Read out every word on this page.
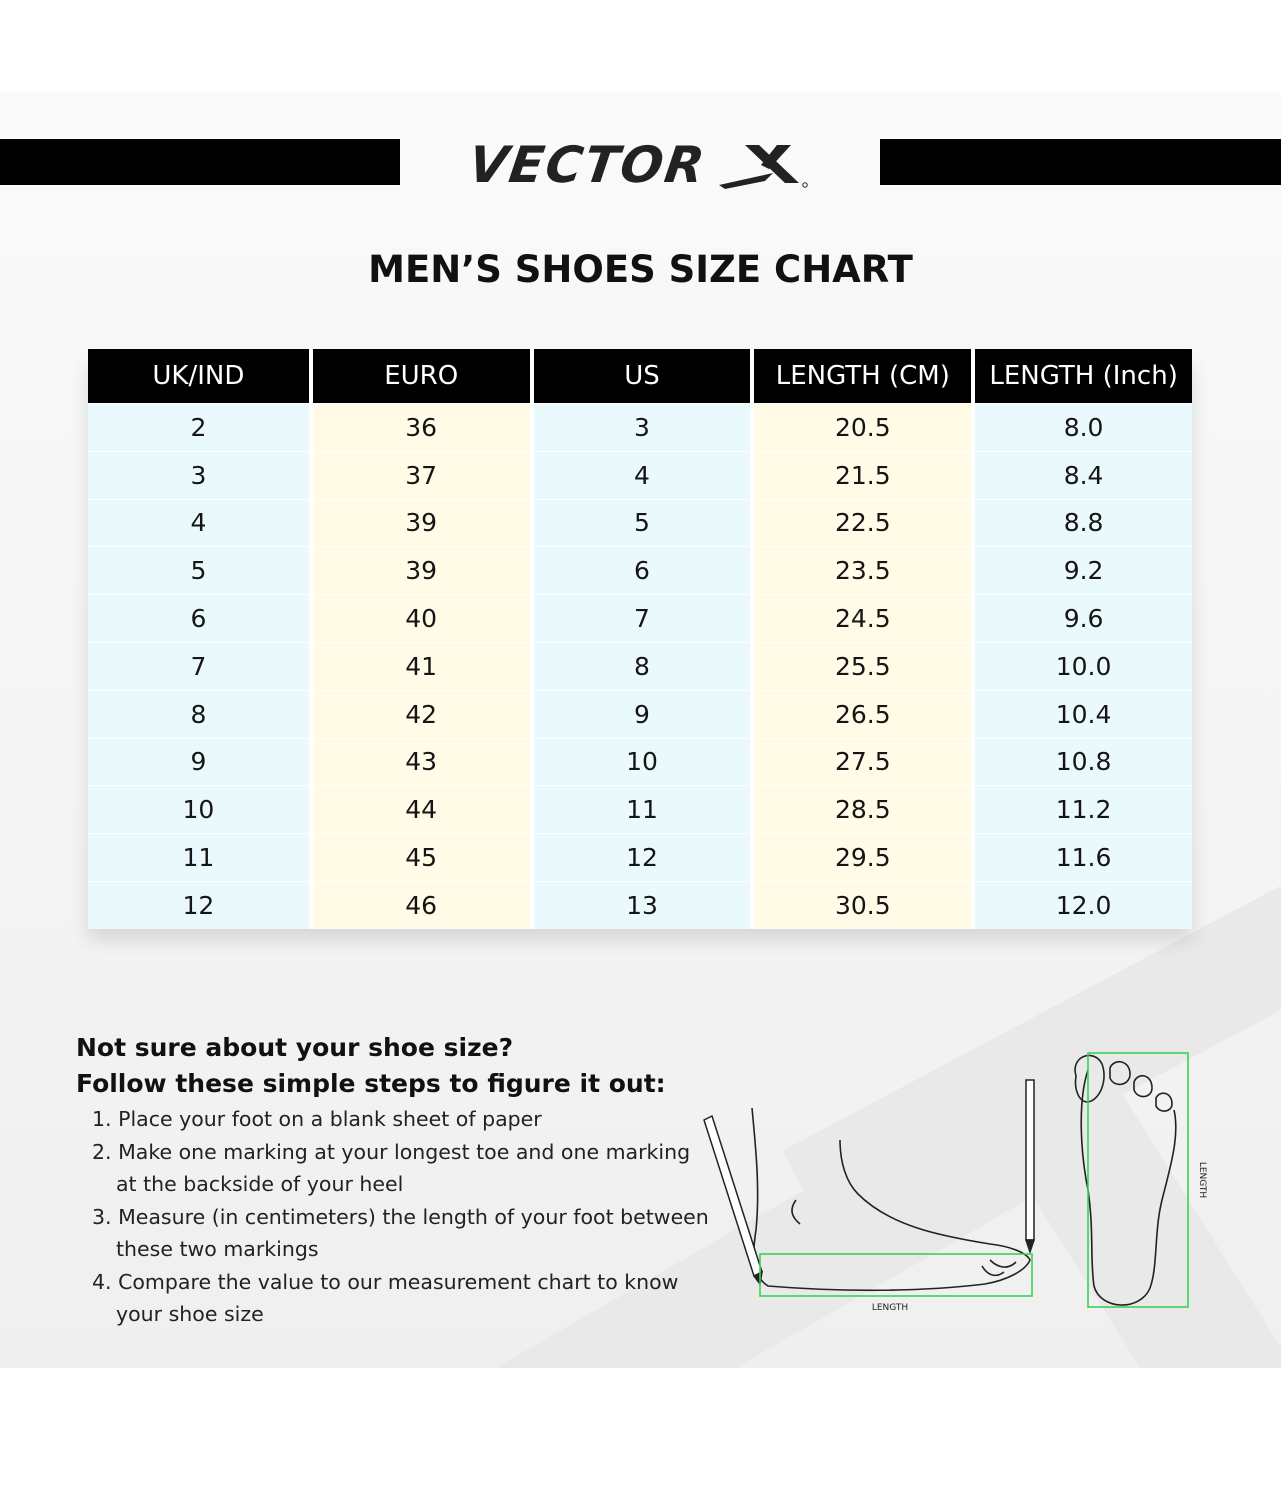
VECTOR
MEN’S SHOES SIZE CHART
UK/IND	EURO	US	LENGTH (CM)	LENGTH (Inch)
2	36	3	20.5	8.0
3	37	4	21.5	8.4
4	39	5	22.5	8.8
5	39	6	23.5	9.2
6	40	7	24.5	9.6
7	41	8	25.5	10.0
8	42	9	26.5	10.4
9	43	10	27.5	10.8
10	44	11	28.5	11.2
11	45	12	29.5	11.6
12	46	13	30.5	12.0
Not sure about your shoe size?
Follow these simple steps to figure it out:
1. Place your foot on a blank sheet of paper
2. Make one marking at your longest toe and one marking at the backside of your heel
3. Measure (in centimeters) the length of your foot between these two markings
4. Compare the value to our measurement chart to know your shoe size	LENGTH
LENGTH
